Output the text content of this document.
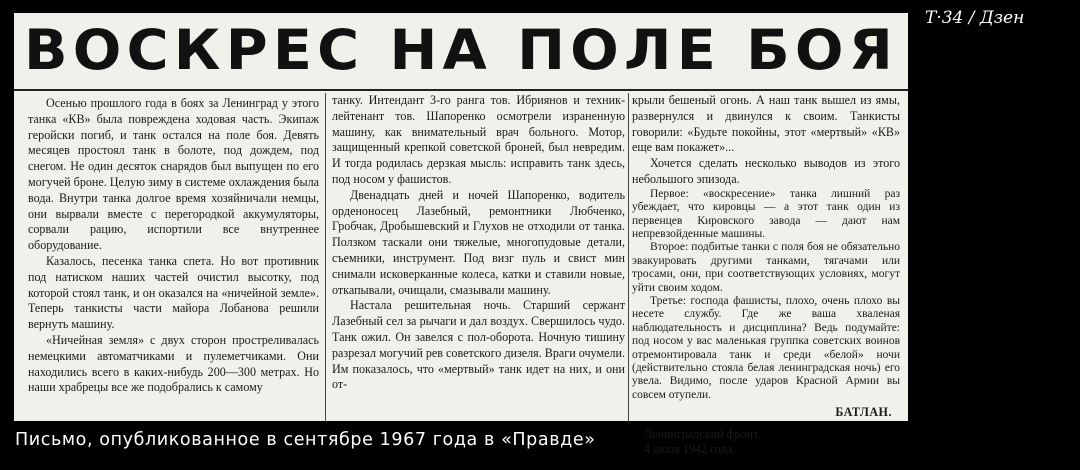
ВОСКРЕС НА ПОЛЕ БОЯ

Осенью прошлого года в боях за Ленинград у этого танка «КВ» была повреждена ходовая часть. Экипаж геройски погиб, и танк остался на поле боя. Девять месяцев простоял танк в болоте, под дождем, под снегом. Не один десяток снарядов был выпущен по его могучей броне. Целую зиму в системе охлаждения была вода. Внутри танка долгое время хозяйничали немцы, они вырвали вместе с перегородкой аккумуляторы, сорвали рацию, испортили все внутреннее оборудование.

Казалось, песенка танка спета. Но вот противник под натиском наших частей очистил высотку, под которой стоял танк, и он оказался на «ничейной земле». Теперь танкисты части майора Лобанова решили вернуть машину.

«Ничейная земля» с двух сторон простреливалась немецкими автоматчиками и пулеметчиками. Они находились всего в каких-нибудь 200—300 метрах. Но наши храбрецы все же подобрались к самому

танку. Интендант 3-го ранга тов. Ибриянов и техник-лейтенант тов. Шапоренко осмотрели израненную машину, как внимательный врач больного. Мотор, защищенный крепкой советской броней, был невредим. И тогда родилась дерзкая мысль: исправить танк здесь, под носом у фашистов.

Двенадцать дней и ночей Шапоренко, водитель орденоносец Лазебный, ремонтники Любченко, Гробчак, Дробышевский и Глухов не отходили от танка. Ползком таскали они тяжелые, многопудовые детали, съемники, инструмент. Под визг пуль и свист мин снимали исковерканные колеса, катки и ставили новые, откапывали, очищали, смазывали машину.

Настала решительная ночь. Старший сержант Лазебный сел за рычаги и дал воздух. Свершилось чудо. Танк ожил. Он завелся с пол-оборота. Ночную тишину разрезал могучий рев советского дизеля. Враги очумели. Им показалось, что «мертвый» танк идет на них, и они от-

крыли бешеный огонь. А наш танк вышел из ямы, развернулся и двинулся к своим. Танкисты говорили: «Будьте покойны, этот «мертвый» «КВ» еще вам покажет»...

Хочется сделать несколько выводов из этого небольшого эпизода.

Первое: «воскресение» танка лишний раз убеждает, что кировцы — а этот танк один из первенцев Кировского завода — дают нам непревзойденные машины.

Второе: подбитые танки с поля боя не обязательно эвакуировать другими танками, тягачами или тросами, они, при соответствующих условиях, могут уйти своим ходом.

Третье: господа фашисты, плохо, очень плохо вы несете службу. Где же ваша хваленая наблюдательность и дисциплина? Ведь подумайте: под носом у вас маленькая группка советских воинов отремонтировала танк и среди «белой» ночи (действительно стояла белая ленинградская ночь) его увела. Видимо, после ударов Красной Армии вы совсем отупели.

БАТЛАН.

Ленинградский фронт.
4 июля 1942 года.
Т·34 / Дзен
Письмо, опубликованное в сентябре 1967 года в «Правде»
